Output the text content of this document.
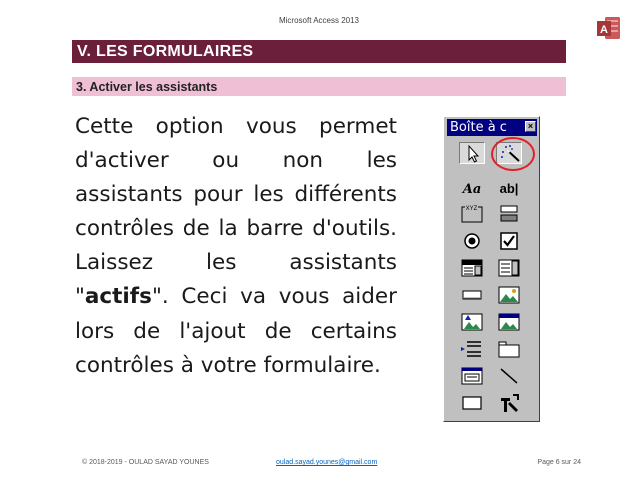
Microsoft Access 2013
A
V. LES FORMULAIRES
3. Activer les assistants

Cette option vous permet d'activer ou non les assistants pour les différents contrôles de la barre d'outils. Laissez les assistants "actifs". Ceci va vous aider lors de l'ajout de certains contrôles à votre formulaire.

Boîte à c	×
Aa ab|
XYZ
© 2018-2019 - OULAD SAYAD YOUNES	oulad.sayad.younes@gmail.com	Page 6 sur 24
